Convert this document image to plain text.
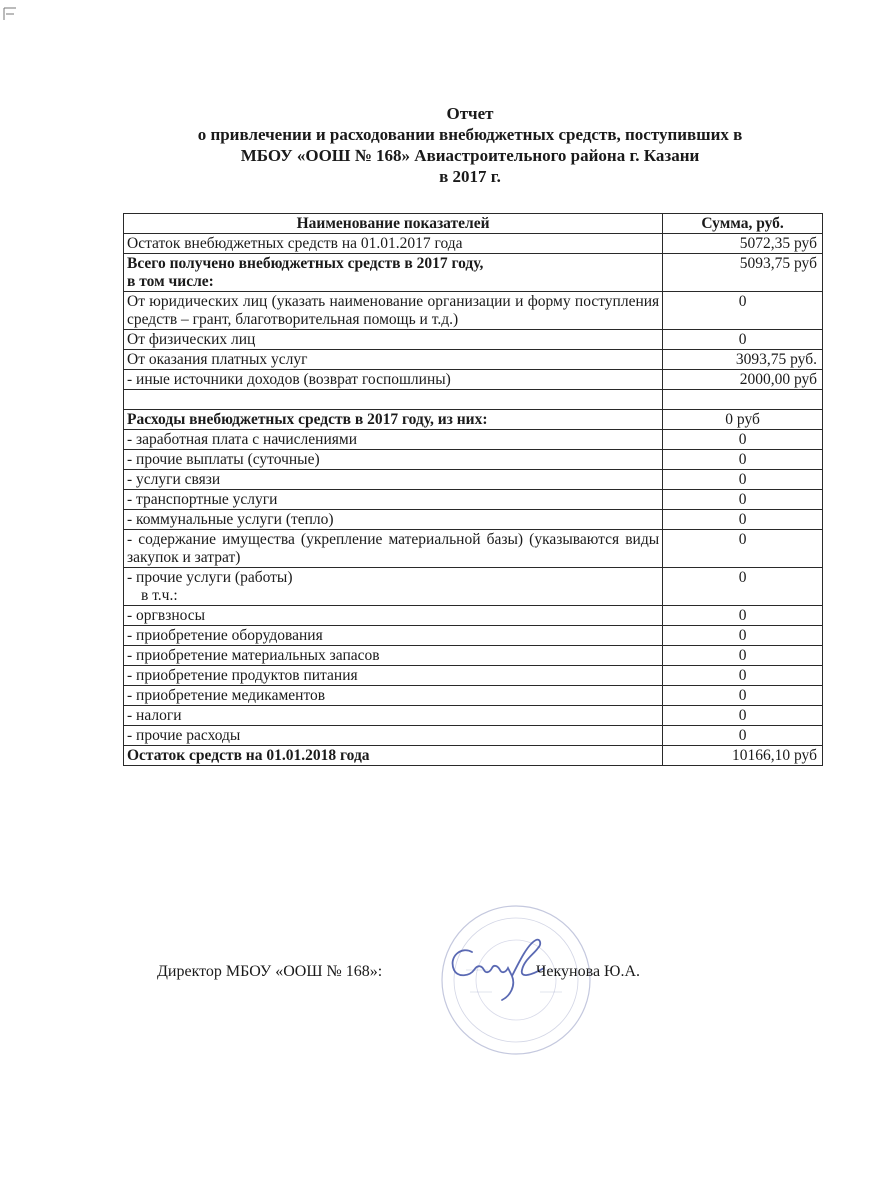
Отчет
о привлечении и расходовании внебюджетных средств, поступивших в
МБОУ «ООШ № 168» Авиастроительного района г. Казани
в 2017 г.
Наименование показателей	Сумма, руб.
Остаток внебюджетных средств на 01.01.2017 года	5072,35 руб

Всего получено внебюджетных средств в 2017 году,
в том числе:	5093,75 руб
От юридических лиц (указать наименование организации и форму поступления средств – грант, благотворительная помощь и т.д.)	0
От физических лиц	0
От оказания платных услуг	3093,75 руб.
- иные источники доходов (возврат госпошлины)	2000,00 руб

Расходы внебюджетных средств в 2017 году, из них:	0 руб
- заработная плата с начислениями	0
- прочие выплаты (суточные)	0
- услуги связи	0
- транспортные услуги	0
- коммунальные услуги (тепло)	0
- содержание имущества (укрепление материальной базы) (указываются виды закупок и затрат)	0

- прочие услуги (работы)
в т.ч.:	0
- оргвзносы	0
- приобретение оборудования	0
- приобретение материальных запасов	0
- приобретение продуктов питания	0
- приобретение медикаментов	0
- налоги	0
- прочие расходы	0
Остаток средств на 01.01.2018 года	10166,10 руб
Директор МБОУ «ООШ № 168»:	Чекунова Ю.А.
